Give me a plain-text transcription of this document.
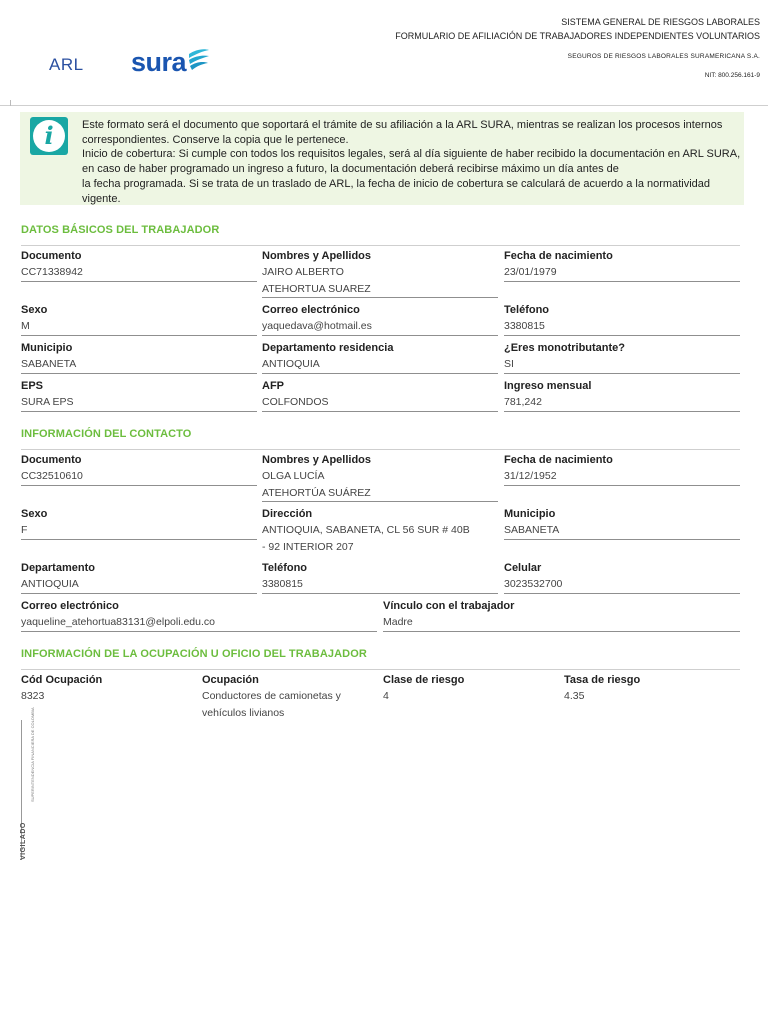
ARL sura
SISTEMA GENERAL DE RIESGOS LABORALES
FORMULARIO DE AFILIACIÓN DE TRABAJADORES INDEPENDIENTES VOLUNTARIOS
SEGUROS DE RIESGOS LABORALES SURAMERICANA S.A.
NIT: 800.256.161-9
i	Este formato será el documento que soportará el trámite de su afiliación a la ARL SURA, mientras se realizan los procesos internos correspondientes. Conserve la copia que le pertenece.
Inicio de cobertura: Si cumple con todos los requisitos legales, será al día siguiente de haber recibido la documentación en ARL SURA, en caso de haber programado un ingreso a futuro, la documentación deberá recibirse máximo un día antes de
la fecha programada. Si se trata de un traslado de ARL, la fecha de inicio de cobertura se calculará de acuerdo a la normatividad vigente.
DATOS BÁSICOS DEL TRABAJADOR
Documento
CC71338942
Nombres y Apellidos
JAIRO ALBERTO
ATEHORTUA SUAREZ
Fecha de nacimiento
23/01/1979
Sexo
M
Correo electrónico
yaquedava@hotmail.es
Teléfono
3380815
Municipio
SABANETA
Departamento residencia
ANTIOQUIA
¿Eres monotributante?
SI
EPS
SURA EPS
AFP
COLFONDOS
Ingreso mensual
781,242
INFORMACIÓN DEL CONTACTO
Documento
CC32510610
Nombres y Apellidos
OLGA LUCÍA
ATEHORTÚA SUÁREZ
Fecha de nacimiento
31/12/1952
Sexo
F
Dirección
ANTIOQUIA, SABANETA, CL 56 SUR # 40B
- 92 INTERIOR 207
Municipio
SABANETA
Departamento
ANTIOQUIA
Teléfono
3380815
Celular
3023532700
Correo electrónico
yaqueline_atehortua83131@elpoli.edu.co
Vínculo con el trabajador
Madre
INFORMACIÓN DE LA OCUPACIÓN U OFICIO DEL TRABAJADOR
Cód Ocupación
8323
Ocupación
Conductores de camionetas y
vehículos livianos
Clase de riesgo
4
Tasa de riesgo
4.35
VIGILADO
SUPERINTENDENCIA FINANCIERA DE COLOMBIA
